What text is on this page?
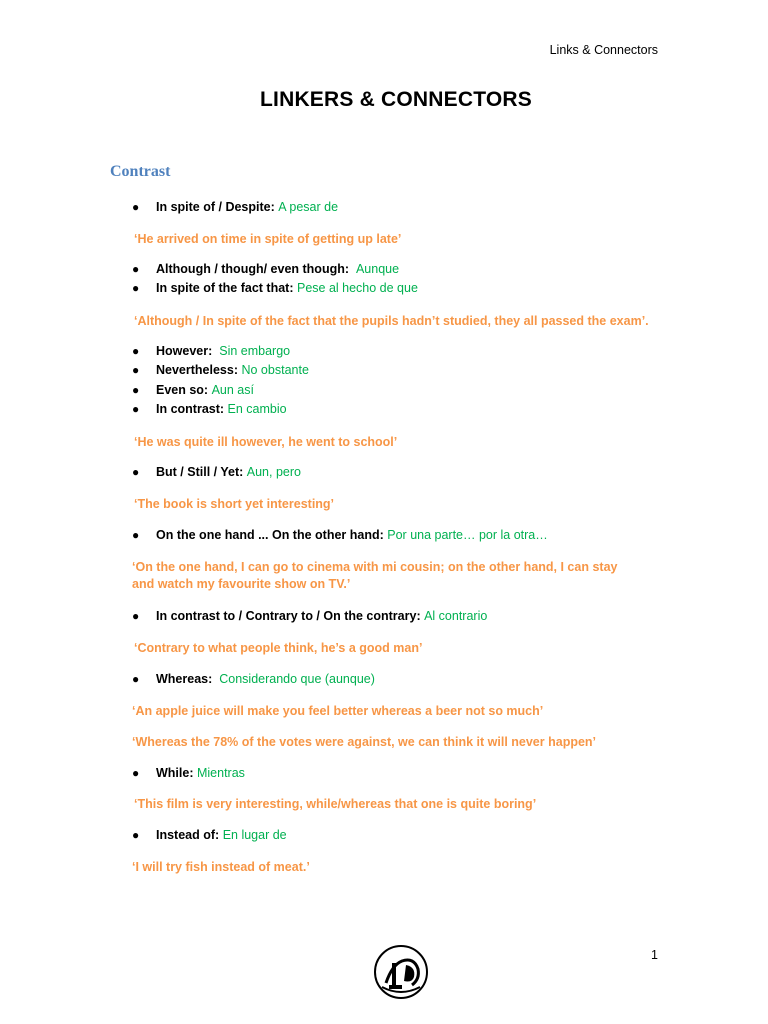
Links & Connectors
LINKERS & CONNECTORS
Contrast
● In spite of / Despite: A pesar de
‘He arrived on time in spite of getting up late’
● Although / though/ even though: Aunque
● In spite of the fact that: Pese al hecho de que
‘Although / In spite of the fact that the pupils hadn’t studied, they all passed the exam’.
● However: Sin embargo
● Nevertheless: No obstante
● Even so: Aun así
● In contrast: En cambio
‘He was quite ill however, he went to school’
● But / Still / Yet: Aun, pero
‘The book is short yet interesting’
● On the one hand ... On the other hand: Por una parte… por la otra…
‘On the one hand, I can go to cinema with mi cousin; on the other hand, I can stay and watch my favourite show on TV.’
● In contrast to / Contrary to / On the contrary: Al contrario
‘Contrary to what people think, he’s a good man’
● Whereas: Considerando que (aunque)
‘An apple juice will make you feel better whereas a beer not so much’
‘Whereas the 78% of the votes were against, we can think it will never happen’
● While: Mientras
‘This film is very interesting, while/whereas that one is quite boring’
● Instead of: En lugar de
‘I will try fish instead of meat.’
1
